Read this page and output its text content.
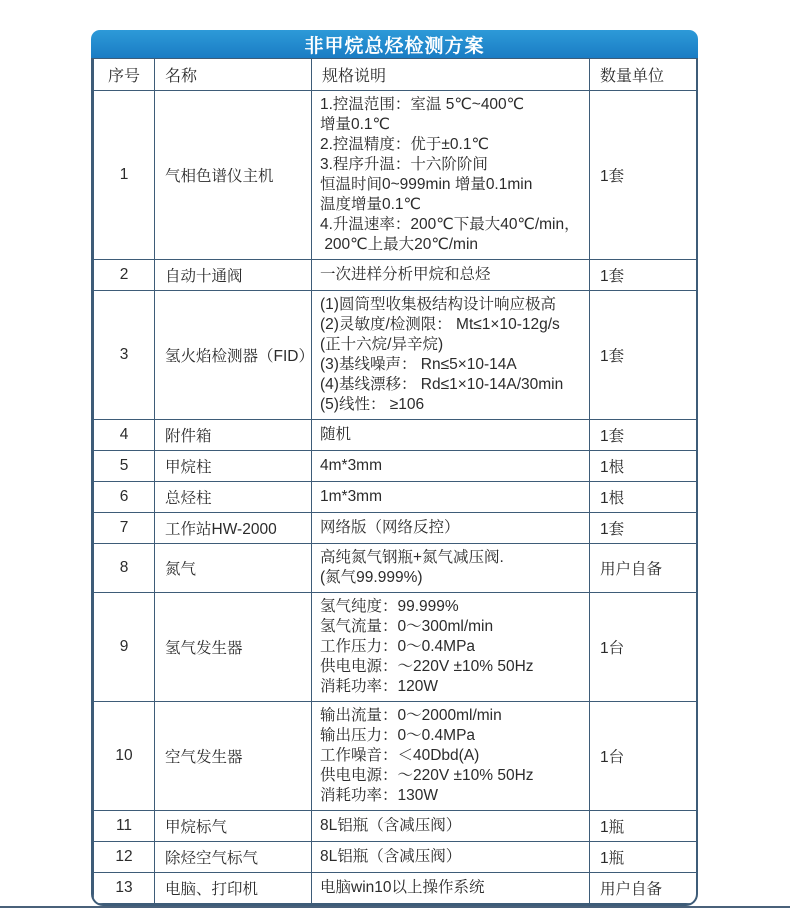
非甲烷总烃检测方案
序号	名称	规格说明	数量单位
1	气相色谱仪主机	
1.控温范围：室温 5℃~400℃
增量0.1℃
2.控温精度：优于±0.1℃
3.程序升温：十六阶阶间
恒温时间0~999min 增量0.1min
温度增量0.1℃
4.升温速率：200℃下最大40℃/min，
200℃上最大20℃/min
	1套
2	自动十通阀	一次进样分析甲烷和总烃	1套
3	氢火焰检测器（FID）	
(1)圆筒型收集极结构设计响应极高
(2)灵敏度/检测限： Mt≤1×10-12g/s
(正十六烷/异辛烷)
(3)基线噪声： Rn≤5×10-14A
(4)基线漂移： Rd≤1×10-14A/30min
(5)线性： ≥106
	1套
4	附件箱	随机	1套
5	甲烷柱	4m*3mm	1根
6	总烃柱	1m*3mm	1根
7	工作站HW-2000	网络版（网络反控）	1套
8	氮气	高纯氮气钢瓶+氮气减压阀.
(氮气99.999%)	用户自备
9	氢气发生器	氢气纯度：99.999%
氢气流量：0～300ml/min
工作压力：0～0.4MPa
供电电源：～220V ±10% 50Hz
消耗功率：120W	1台
10	空气发生器	输出流量：0～2000ml/min
输出压力：0～0.4MPa
工作噪音：＜40Dbd(A)
供电电源：～220V ±10% 50Hz
消耗功率：130W	1台
11	甲烷标气	8L铝瓶（含减压阀）	1瓶
12	除烃空气标气	8L铝瓶（含减压阀）	1瓶
13	电脑、打印机	电脑win10以上操作系统	用户自备
